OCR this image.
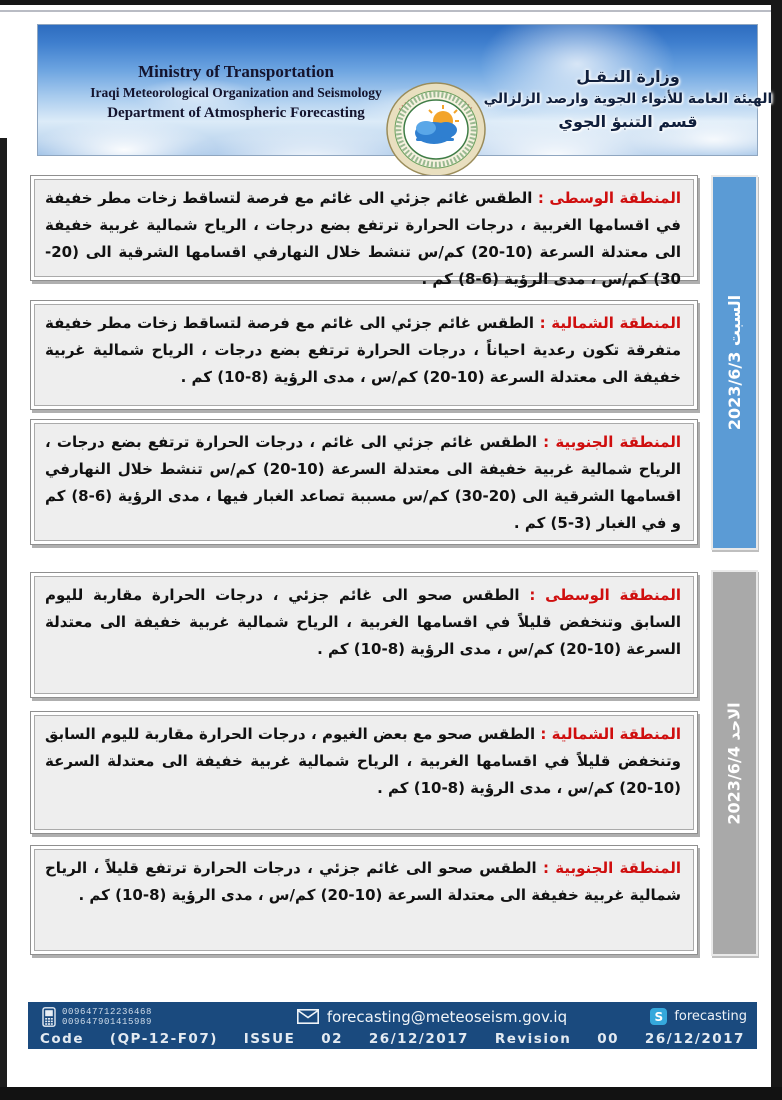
Ministry of Transportation
Iraqi Meteorological Organization and Seismology
Department of Atmospheric Forecasting
وزارة النـقـل
الهيئة العامة للأنواء الجوية وارصد الزلزالي
قسم التنبؤ الجوي

المنطقة الوسطى : الطقس غائم جزئي الى غائم مع فرصة لتساقط زخات مطر خفيفة في اقسامها الغربية ، درجات الحرارة ترتفع بضع درجات ، الرياح شمالية غربية خفيفة الى معتدلة السرعة (10-20) كم/س تنشط خلال النهارفي اقسامها الشرقية الى (20-30) كم/س ، مدى الرؤية (6-8) كم .

المنطقة الشمالية : الطقس غائم جزئي الى غائم مع فرصة لتساقط زخات مطر خفيفة متفرقة تكون رعدية احياناً ، درجات الحرارة ترتفع بضع درجات ، الرياح شمالية غربية خفيفة الى معتدلة السرعة (10-20) كم/س ، مدى الرؤية (8-10) كم .

المنطقة الجنوبية : الطقس غائم جزئي الى غائم ، درجات الحرارة ترتفع بضع درجات ، الرياح شمالية غربية خفيفة الى معتدلة السرعة (10-20) كم/س تنشط خلال النهارفي اقسامها الشرقية الى (20-30) كم/س مسببة تصاعد الغبار فيها ، مدى الرؤية (6-8) كم و في الغبار (3-5) كم .

المنطقة الوسطى : الطقس صحو الى غائم جزئي ، درجات الحرارة مقاربة لليوم السابق وتنخفض قليلاً في اقسامها الغربية ، الرياح شمالية غربية خفيفة الى معتدلة السرعة (10-20) كم/س ، مدى الرؤية (8-10) كم .

المنطقة الشمالية : الطقس صحو مع بعض الغيوم ، درجات الحرارة مقاربة لليوم السابق وتنخفض قليلاً في اقسامها الغربية ، الرياح شمالية غربية خفيفة الى معتدلة السرعة (10-20) كم/س ، مدى الرؤية (8-10) كم .

المنطقة الجنوبية : الطقس صحو الى غائم جزئي ، درجات الحرارة ترتفع قليلاً ، الرياح شمالية غربية خفيفة الى معتدلة السرعة (10-20) كم/س ، مدى الرؤية (8-10) كم .

السبت 2023/6/3
الاحد 2023/6/4
009647712236468
009647901415989	forecasting@meteoseism.gov.iq	S forecasting
Code (QP-12-F07) ISSUE 02 26/12/2017 Revision 00 26/12/2017
